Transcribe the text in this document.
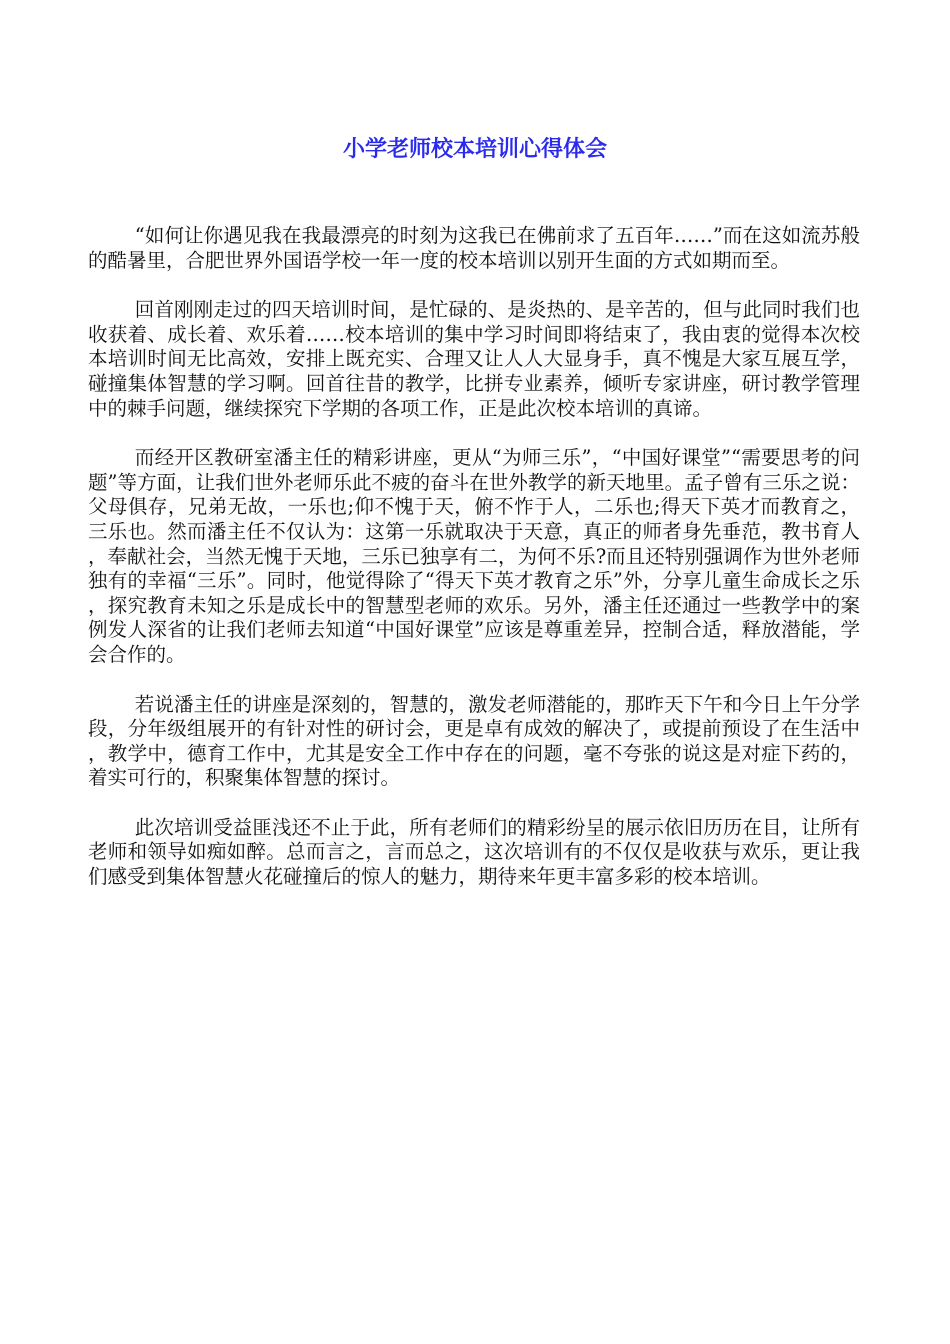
小学老师校本培训心得体会

“如何让你遇见我在我最漂亮的时刻为这我已在佛前求了五百年……”而在这如流苏般的酷暑里，合肥世界外国语学校一年一度的校本培训以别开生面的方式如期而至。

回首刚刚走过的四天培训时间，是忙碌的、是炎热的、是辛苦的，但与此同时我们也收获着、成长着、欢乐着……校本培训的集中学习时间即将结束了，我由衷的觉得本次校本培训时间无比高效，安排上既充实、合理又让人人大显身手，真不愧是大家互展互学，碰撞集体智慧的学习啊。回首往昔的教学，比拼专业素养，倾听专家讲座，研讨教学管理中的棘手问题，继续探究下学期的各项工作，正是此次校本培训的真谛。

而经开区教研室潘主任的精彩讲座，更从“为师三乐”，“中国好课堂”“需要思考的问题”等方面，让我们世外老师乐此不疲的奋斗在世外教学的新天地里。孟子曾有三乐之说：父母俱存，兄弟无故，一乐也;仰不愧于天，俯不怍于人，二乐也;得天下英才而教育之，三乐也。然而潘主任不仅认为：这第一乐就取决于天意，真正的师者身先垂范，教书育人，奉献社会，当然无愧于天地，三乐已独享有二，为何不乐?而且还特别强调作为世外老师独有的幸福“三乐”。同时，他觉得除了“得天下英才教育之乐”外，分享儿童生命成长之乐，探究教育未知之乐是成长中的智慧型老师的欢乐。另外，潘主任还通过一些教学中的案例发人深省的让我们老师去知道“中国好课堂”应该是尊重差异，控制合适，释放潜能，学会合作的。

若说潘主任的讲座是深刻的，智慧的，激发老师潜能的，那昨天下午和今日上午分学段，分年级组展开的有针对性的研讨会，更是卓有成效的解决了，或提前预设了在生活中，教学中，德育工作中，尤其是安全工作中存在的问题，毫不夸张的说这是对症下药的，着实可行的，积聚集体智慧的探讨。

此次培训受益匪浅还不止于此，所有老师们的精彩纷呈的展示依旧历历在目，让所有老师和领导如痴如醉。总而言之，言而总之，这次培训有的不仅仅是收获与欢乐，更让我们感受到集体智慧火花碰撞后的惊人的魅力，期待来年更丰富多彩的校本培训。
